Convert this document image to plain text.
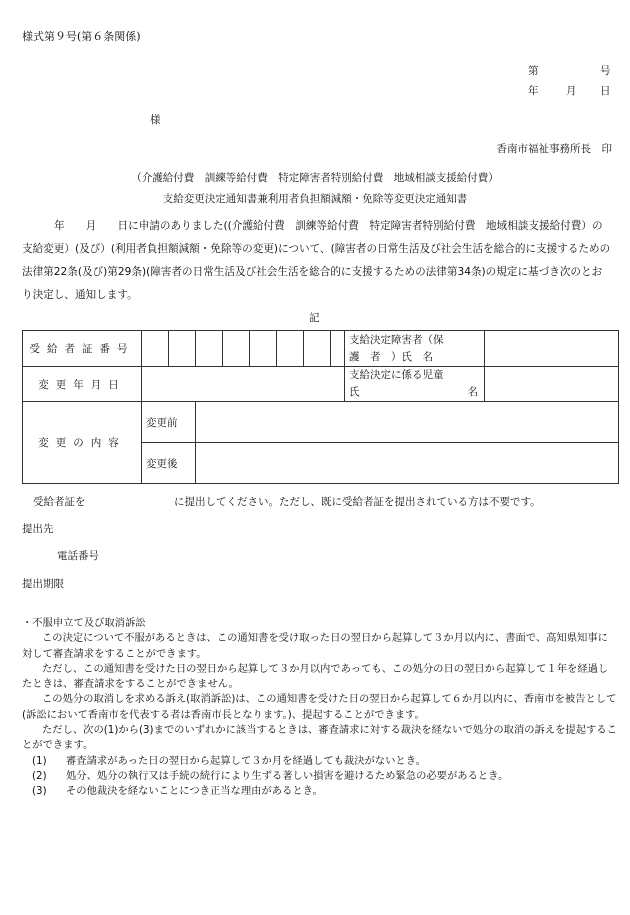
様式第９号(第６条関係)
第	号
年	月 日
様
香南市福祉事務所長　印
（介護給付費　訓練等給付費　特定障害者特別給付費　地域相談支援給付費）
支給変更決定通知書兼利用者負担額減額・免除等変更決定通知書
年　　月　　日に申請のありました((介護給付費　訓練等給付費　特定障害者特別給付費　地域相談支援給付費）の支給変更）(及び）(利用者負担額減額・免除等の変更)について、(障害者の日常生活及び社会生活を総合的に支援するための法律第22条(及び)第29条)(障害者の日常生活及び社会生活を総合的に支援するための法律第34条)の規定に基づき次のとおり決定し、通知します。
記
受給者証番号									支給決定障害者（保
護　者　）氏　名	

変更年月日									支給決定に係る児童
氏 名	

変更の内容	変更前									
	変更後									
受給者証を	に提出してください。ただし、既に受給者証を提出されている方は不要です。
提出先
電話番号
提出期限

・不服申立て及び取消訴訟

この決定について不服があるときは、この通知書を受け取った日の翌日から起算して３か月以内に、書面で、高知県知事に対して審査請求をすることができます。

ただし、この通知書を受けた日の翌日から起算して３か月以内であっても、この処分の日の翌日から起算して１年を経過したときは、審査請求をすることができません。

この処分の取消しを求める訴え(取消訴訟)は、この通知書を受けた日の翌日から起算して６か月以内に、香南市を被告として(訴訟において香南市を代表する者は香南市長となります。)、提起することができます。

ただし、次の(1)から(3)までのいずれかに該当するときは、審査請求に対する裁決を経ないで処分の取消の訴えを提起することができます。

(1) 審査請求があった日の翌日から起算して３か月を経過しても裁決がないとき。

(2) 処分、処分の執行又は手続の続行により生ずる著しい損害を避けるため緊急の必要があるとき。

(3) その他裁決を経ないことにつき正当な理由があるとき。
